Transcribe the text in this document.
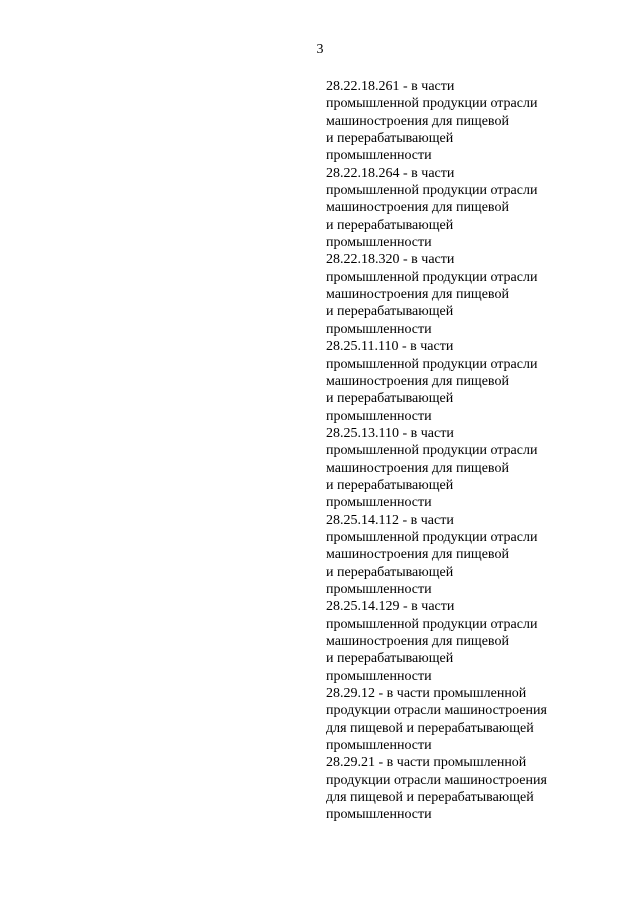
3
28.22.18.261 - в части
промышленной продукции отрасли
машиностроения для пищевой
и перерабатывающей
промышленности
28.22.18.264 - в части
промышленной продукции отрасли
машиностроения для пищевой
и перерабатывающей
промышленности
28.22.18.320 - в части
промышленной продукции отрасли
машиностроения для пищевой
и перерабатывающей
промышленности
28.25.11.110 - в части
промышленной продукции отрасли
машиностроения для пищевой
и перерабатывающей
промышленности
28.25.13.110 - в части
промышленной продукции отрасли
машиностроения для пищевой
и перерабатывающей
промышленности
28.25.14.112 - в части
промышленной продукции отрасли
машиностроения для пищевой
и перерабатывающей
промышленности
28.25.14.129 - в части
промышленной продукции отрасли
машиностроения для пищевой
и перерабатывающей
промышленности
28.29.12 - в части промышленной
продукции отрасли машиностроения
для пищевой и перерабатывающей
промышленности
28.29.21 - в части промышленной
продукции отрасли машиностроения
для пищевой и перерабатывающей
промышленности
